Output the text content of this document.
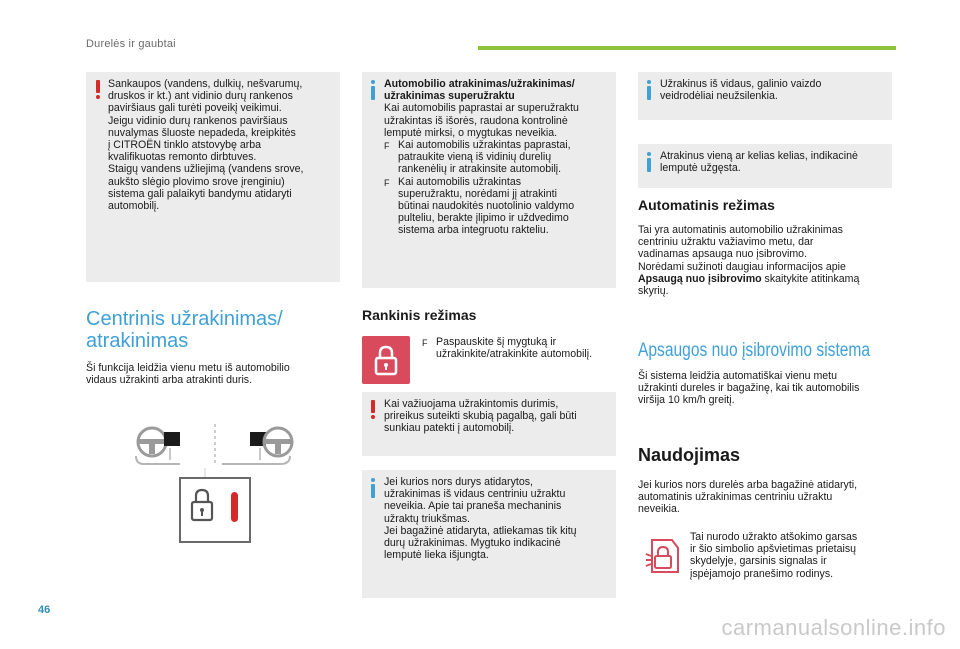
Durelės ir gaubtai

Sankaupos (vandens, dulkių, nešvarumų,

druskos ir kt.) ant vidinio durų rankenos

paviršiaus gali turėti poveikį veikimui.

Jeigu vidinio durų rankenos paviršiaus

nuvalymas šluoste nepadeda, kreipkitės

į CITROËN tinklo atstovybę arba

kvalifikuotas remonto dirbtuves.

Staigų vandens užliejimą (vandens srove,

aukšto slėgio plovimo srove įrenginiu)

sistema gali palaikyti bandymu atidaryti

automobilį.

Centrinis užrakinimas/
atrakinimas

Ši funkcija leidžia vienu metu iš automobilio

vidaus užrakinti arba atrakinti duris.

Automobilio atrakinimas/užrakinimas/

užrakinimas superužraktu

Kai automobilis paprastai ar superužraktu

užrakintas iš išorės, raudona kontrolinė

lemputė mirksi, o mygtukas neveikia.

F Kai automobilis užrakintas paprastai,

patraukite vieną iš vidinių durelių

rankenėlių ir atrakinsite automobilį.

F Kai automobilis užrakintas

superužraktu, norėdami jį atrakinti

būtinai naudokitės nuotolinio valdymo

pulteliu, berakte įlipimo ir uždvedimo

sistema arba integruotu rakteliu.

Rankinis režimas
F Paspauskite šį mygtuką ir

užrakinkite/atrakinkite automobilį.

Kai važiuojama užrakintomis durimis,

prireikus suteikti skubią pagalbą, gali būti

sunkiau patekti į automobilį.

Jei kurios nors durys atidarytos,

užrakinimas iš vidaus centriniu užraktu

neveikia. Apie tai praneša mechaninis

užraktų triukšmas.

Jei bagažinė atidaryta, atliekamas tik kitų

durų užrakinimas. Mygtuko indikacinė

lemputė lieka išjungta.

Užrakinus iš vidaus, galinio vaizdo

veidrodėliai neužsilenkia.

Atrakinus vieną ar kelias kelias, indikacinė

lemputė užgęsta.

Automatinis režimas

Tai yra automatinis automobilio užrakinimas

centriniu užraktu važiavimo metu, dar

vadinamas apsauga nuo įsibrovimo.

Norėdami sužinoti daugiau informacijos apie

Apsaugą nuo įsibrovimo skaitykite atitinkamą

skyrių.

Apsaugos nuo įsibrovimo sistema

Ši sistema leidžia automatiškai vienu metu

užrakinti dureles ir bagažinę, kai tik automobilis

viršija 10 km/h greitį.

Naudojimas

Jei kurios nors durelės arba bagažinė atidaryti,

automatinis užrakinimas centriniu užraktu

neveikia.

Tai nurodo užrakto atšokimo garsas

ir šio simbolio apšvietimas prietaisų

skydelyje, garsinis signalas ir

įspėjamojo pranešimo rodinys.

46
carmanualsonline.info
